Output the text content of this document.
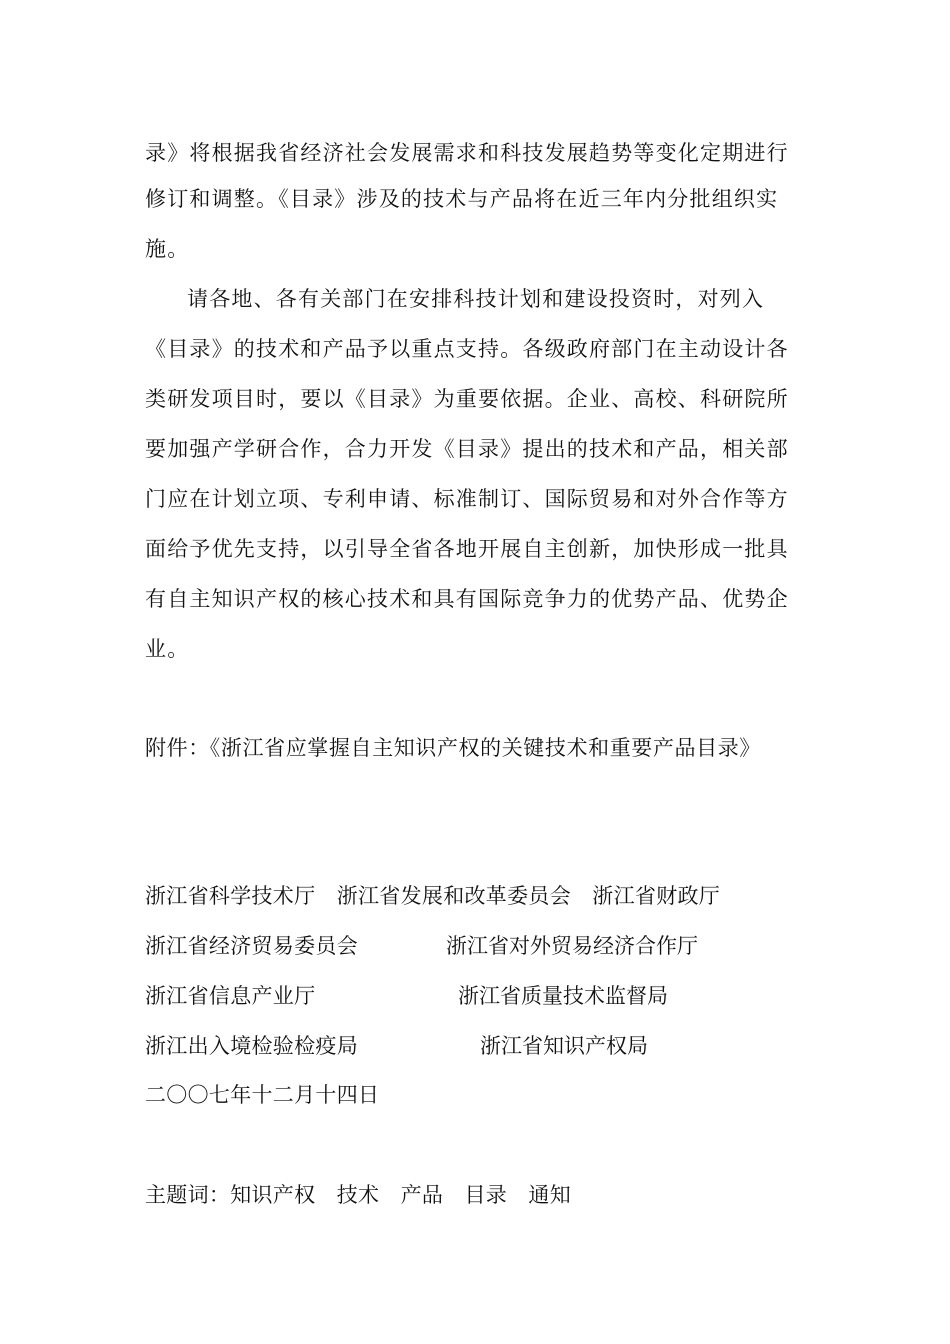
录》将根据我省经济社会发展需求和科技发展趋势等变化定期进行
修订和调整。《目录》涉及的技术与产品将在近三年内分批组织实
施。
请各地、各有关部门在安排科技计划和建设投资时，对列入
《目录》的技术和产品予以重点支持。各级政府部门在主动设计各
类研发项目时，要以《目录》为重要依据。企业、高校、科研院所
要加强产学研合作，合力开发《目录》提出的技术和产品，相关部
门应在计划立项、专利申请、标准制订、国际贸易和对外合作等方
面给予优先支持，以引导全省各地开展自主创新，加快形成一批具
有自主知识产权的核心技术和具有国际竞争力的优势产品、优势企
业。
附件：《浙江省应掌握自主知识产权的关键技术和重要产品目录》
浙江省科学技术厅　浙江省发展和改革委员会　浙江省财政厅
浙江省经济贸易委员会	浙江省对外贸易经济合作厅
浙江省信息产业厅	浙江省质量技术监督局
浙江出入境检验检疫局	浙江省知识产权局
二〇〇七年十二月十四日
主题词：知识产权　技术　产品　目录　通知
